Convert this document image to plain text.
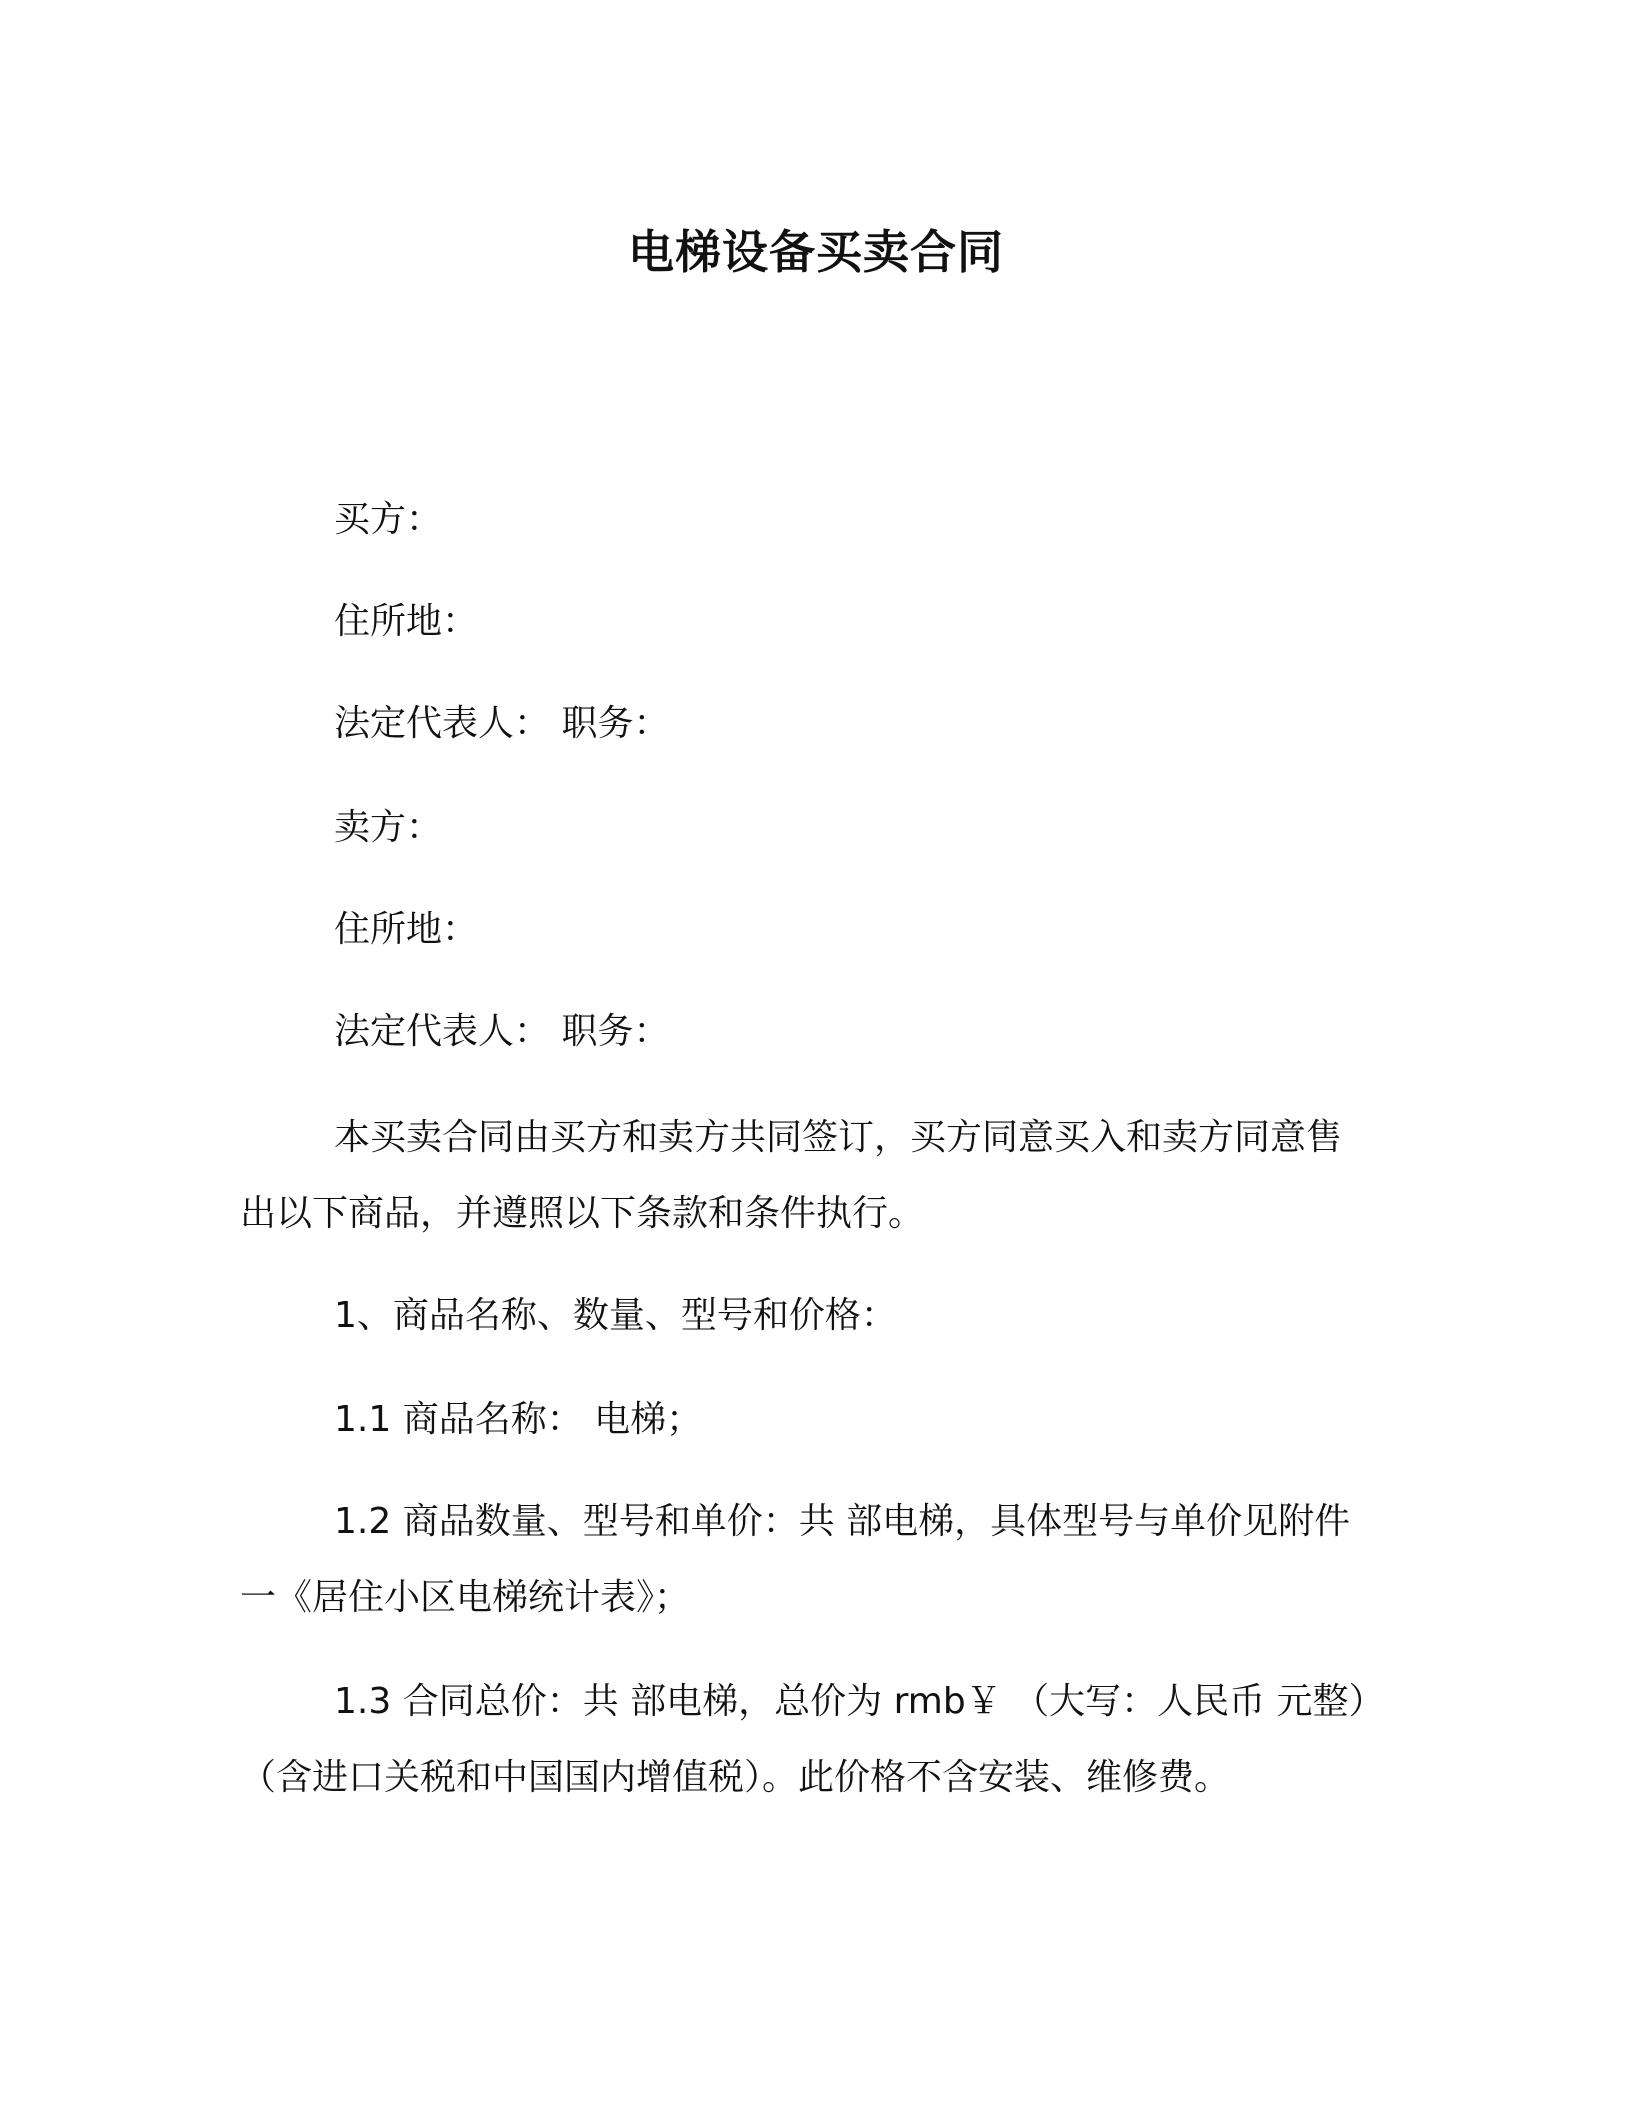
电梯设备买卖合同
买方：
住所地：
法定代表人： 职务：
卖方：
住所地：
法定代表人： 职务：
本买卖合同由买方和卖方共同签订，买方同意买入和卖方同意售
出以下商品，并遵照以下条款和条件执行。
1、商品名称、数量、型号和价格：
1.1 商品名称： 电梯；
1.2 商品数量、型号和单价：共 部电梯，具体型号与单价见附件
一《居住小区电梯统计表》；
1.3 合同总价：共 部电梯，总价为 rmb￥ （大写：人民币 元整）
（含进口关税和中国国内增值税）。此价格不含安装、维修费。
